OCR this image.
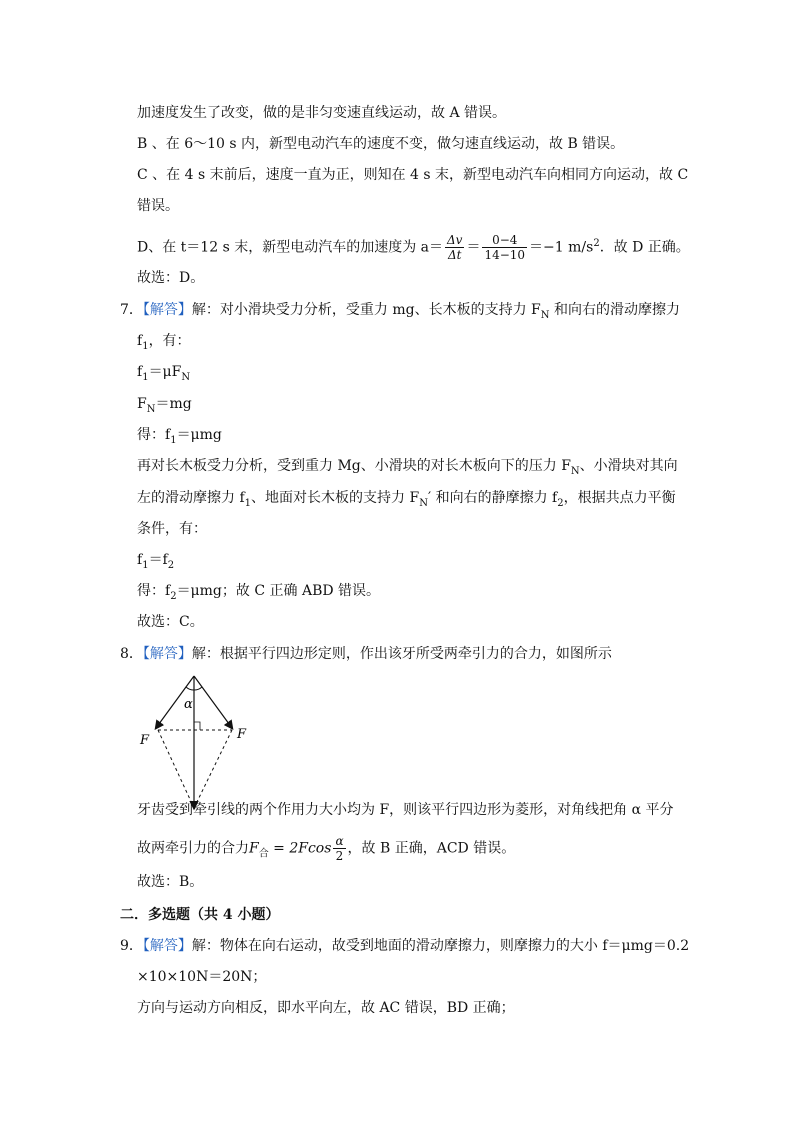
加速度发生了改变，做的是非匀变速直线运动，故 A 错误。
B 、在 6～10 s 内，新型电动汽车的速度不变，做匀速直线运动，故 B 错误。
C 、在 4 s 末前后，速度一直为正，则知在 4 s 末，新型电动汽车向相同方向运动，故 C
错误。
D、在 t＝12 s 末，新型电动汽车的加速度为 $a= \frac{\Delta v}{\Delta t} = \frac{0-4}{14-10} =-1$ $m/s^2$．故 D 正确。
故选：D。
7．【解答】解：对小滑块受力分析，受重力 mg、长木板的支持力 $F_N$ 和向右的滑动摩擦力
$f_1$，有：
$f_1=\mu F_N$
$F_N=mg$
得：$f_1=\mu mg$
再对长木板受力分析，受到重力 Mg、小滑块的对长木板向下的压力 $F_N$、小滑块对其向
左的滑动摩擦力 $f_1$、地面对长木板的支持力 $F_N'$ 和向右的静摩擦力 $f_2$，根据共点力平衡
条件，有：
$f_1=f_2$
得：$f_2=\mu mg$；故 C 正确 ABD 错误。
故选：C。
8．【解答】解：根据平行四边形定则，作出该牙所受两牵引力的合力，如图所示
α
F	F
牙齿受到牵引线的两个作用力大小均为 F，则该平行四边形为菱形，对角线把角 α 平分
故两牵引力的合力$F_合 = 2Fcos \frac{\alpha}{2}$ ，故 B 正确，ACD 错误。
故选：B。
二．多选题（共 4 小题）
9．【解答】解：物体在向右运动，故受到地面的滑动摩擦力，则摩擦力的大小 f＝μmg＝0.2
×10×10N＝20N；
方向与运动方向相反，即水平向左，故 AC 错误，BD 正确；
